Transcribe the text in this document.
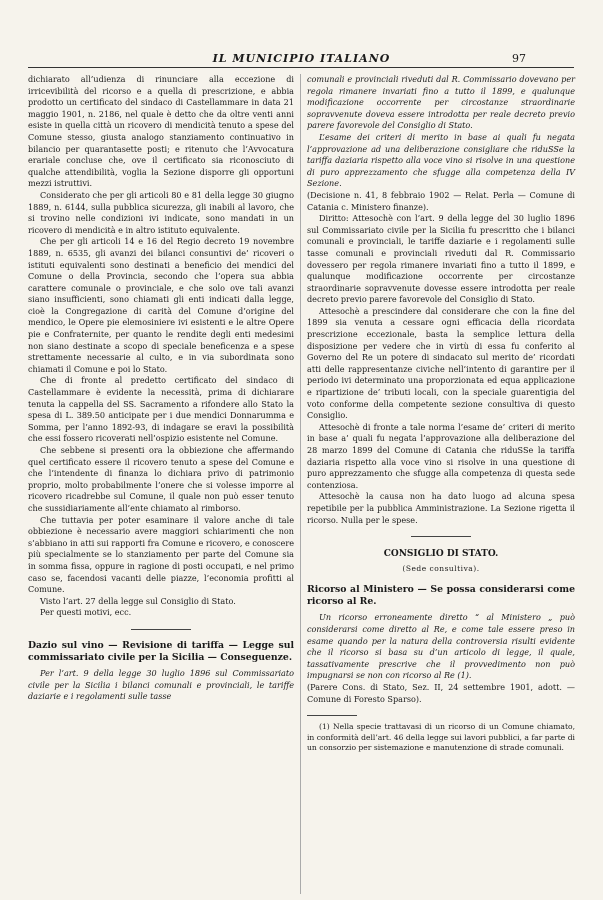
IL MUNICIPIO ITALIANO	97

dichiarato all’udienza di rinunciare alla eccezione di irricevibilità del ricorso e a quella di prescrizione, e abbia prodotto un certificato del sindaco di Castellammare in data 21 maggio 1901, n. 2186, nel quale è detto che da oltre venti anni esiste in quella città un ricovero di mendicità tenuto a spese del Comune stesso, giusta analogo stanziamento continuativo in bilancio per quarantasette posti; e ritenuto che l’Avvocatura erariale concluse che, ove il certificato sia riconosciuto di qualche attendibilità, voglia la Sezione disporre gli opportuni mezzi istruttivi.

Considerato che per gli articoli 80 e 81 della legge 30 giugno 1889, n. 6144, sulla pubblica sicurezza, gli inabili al lavoro, che si trovino nelle condizioni ivi indicate, sono mandati in un ricovero di mendicità e in altro istituto equivalente.

Che per gli articoli 14 e 16 del Regio decreto 19 novembre 1889, n. 6535, gli avanzi dei bilanci consuntivi de’ ricoveri o istituti equivalenti sono destinati a beneficio dei mendici del Comune o della Provincia, secondo che l’opera sua abbia carattere comunale o provinciale, e che solo ove tali avanzi siano insufficienti, sono chiamati gli enti indicati dalla legge, cioè la Congregazione di carità del Comune d’origine del mendico, le Opere pie elemosiniere ivi esistenti e le altre Opere pie e Confraternite, per quanto le rendite degli enti medesimi non siano destinate a scopo di speciale beneficenza e a spese strettamente necessarie al culto, e in via subordinata sono chiamati il Comune e poi lo Stato.

Che di fronte al predetto certificato del sindaco di Castellammare è evidente la necessità, prima di dichiarare tenuta la cappella del SS. Sacramento a rifondere allo Stato la spesa di L. 389.50 anticipate per i due mendici Donnarumma e Somma, per l’anno 1892-93, di indagare se eravi la possibilità che essi fossero ricoverati nell’ospizio esistente nel Comune.

Che sebbene si presenti ora la obbiezione che affermando quel certificato essere il ricovero tenuto a spese del Comune e che l’intendente di finanza lo dichiara privo di patrimonio proprio, molto probabilmente l’onere che si volesse imporre al ricovero ricadrebbe sul Comune, il quale non può esser tenuto che sussidiariamente all’ente chiamato al rimborso.

Che tuttavia per poter esaminare il valore anche di tale obbiezione è necessario avere maggiori schiarimenti che non s’abbiano in atti sui rapporti fra Comune e ricovero, e conoscere più specialmente se lo stanziamento per parte del Comune sia in somma fissa, oppure in ragione di posti occupati, e nel primo caso se, facendosi vacanti delle piazze, l’economia profitti al Comune.

Visto l’art. 27 della legge sul Consiglio di Stato.

Per questi motivi, ecc.

Dazio sul vino — Revisione di tariffa — Legge sul commissariato civile per la Sicilia — Conseguenze.

Per l’art. 9 della legge 30 luglio 1896 sul Commissariato civile per la Sicilia i bilanci comunali e provinciali, le tariffe daziarie e i regolamenti sulle tasse

comunali e provinciali riveduti dal R. Commissario dovevano per regola rimanere invariati fino a tutto il 1899, e qualunque modificazione occorrente per circostanze straordinarie sopravvenute doveva essere introdotta per reale decreto previo parere favorevole del Consiglio di Stato.

L’esame dei criteri di merito in base ai quali fu negata l’approvazione ad una deliberazione consigliare che riduSSe la tariffa daziaria rispetto alla voce vino si risolve in una questione di puro apprezzamento che sfugge alla competenza della IV Sezione.

(Decisione n. 41, 8 febbraio 1902 — Relat. Perla — Comune di Catania c. Ministero finanze).

Diritto: Attesochè con l’art. 9 della legge del 30 luglio 1896 sul Commissariato civile per la Sicilia fu prescritto che i bilanci comunali e provinciali, le tariffe daziarie e i regolamenti sulle tasse comunali e provinciali riveduti dal R. Commissario dovessero per regola rimanere invariati fino a tutto il 1899, e qualunque modificazione occorrente per circostanze straordinarie sopravvenute dovesse essere introdotta per reale decreto previo parere favorevole del Consiglio di Stato.

Attesochè a prescindere dal considerare che con la fine del 1899 sia venuta a cessare ogni efficacia della ricordata prescrizione eccezionale, basta la semplice lettura della disposizione per vedere che in virtù di essa fu conferito al Governo del Re un potere di sindacato sul merito de’ ricordati atti delle rappresentanze civiche nell’intento di garantire per il periodo ivi determinato una proporzionata ed equa applicazione e ripartizione de’ tributi locali, con la speciale guarentigia del voto conforme della competente sezione consultiva di questo Consiglio.

Attesochè di fronte a tale norma l’esame de’ criteri di merito in base a’ quali fu negata l’approvazione alla deliberazione del 28 marzo 1899 del Comune di Catania che riduSSe la tariffa daziaria rispetto alla voce vino si risolve in una questione di puro apprezzamento che sfugge alla competenza di questa sede contenziosa.

Attesochè la causa non ha dato luogo ad alcuna spesa repetibile per la pubblica Amministrazione. La Sezione rigetta il ricorso. Nulla per le spese.

CONSIGLIO DI STATO.

(Sede consultiva).

Ricorso al Ministero — Se possa considerarsi come ricorso al Re.

Un ricorso erroneamente diretto “ al Ministero „ può considerarsi come diretto al Re, e come tale essere preso in esame quando per la natura della controversia risulti evidente che il ricorso si basa su d’un articolo di legge, il quale, tassativamente prescrive che il provvedimento non può impugnarsi se non con ricorso al Re (1).

(Parere Cons. di Stato, Sez. II, 24 settembre 1901, adott. — Comune di Foresto Sparso).

(1) Nella specie trattavasi di un ricorso di un Comune chiamato, in conformità dell’art. 46 della legge sui lavori pubblici, a far parte di un consorzio per sistemazione e manutenzione di strade comunali.
